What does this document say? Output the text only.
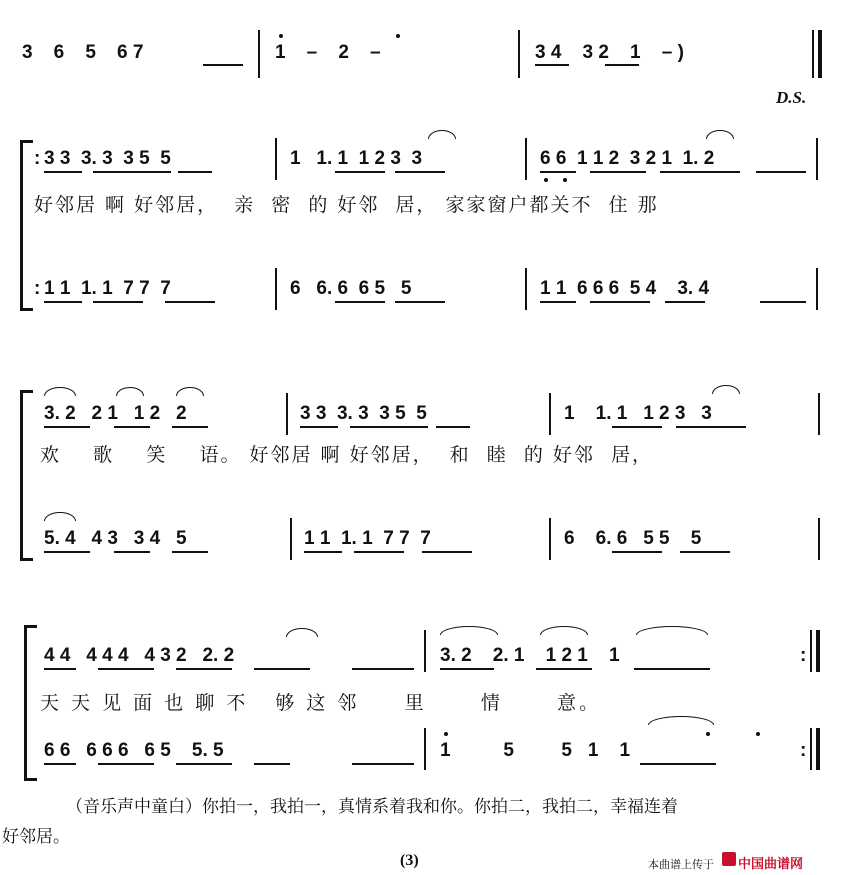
3    6    5    6 7	1    –    2    –	3 4    3 2    1    – )
D.S.
: 3 3  3. 3  3 5  5	1   1. 1  1 2 3  3	6 6  1 1 2  3 2 1  1. 2
好邻居 啊 好邻居，  亲  密  的 好邻  居， 家家窗户都关不  住 那
: 1 1  1. 1  7 7  7	6   6. 6  6 5   5	1 1  6 6 6  5 4    3. 4
3. 2   2 1   1 2   2	3 3  3. 3  3 5  5	1    1. 1   1 2 3   3
欢    歌    笑    语。 好邻居 啊 好邻居，  和  睦  的 好邻  居，
5. 4   4 3   3 4   5	1 1  1. 1  7 7  7	6    6. 6   5 5    5
4 4   4 4 4   4 3 2   2. 2	3. 2    2. 1    1 2 1    1	:
天 天 见 面 也 聊 不   够 这 邻     里      情      意。
6 6   6 6 6   6 5    5. 5	1          5         5   1    1	:
（音乐声中童白）你拍一，我拍一，真情系着我和你。你拍二，我拍二，幸福连着
好邻居。
(3)	本曲谱上传于 中国曲谱网
